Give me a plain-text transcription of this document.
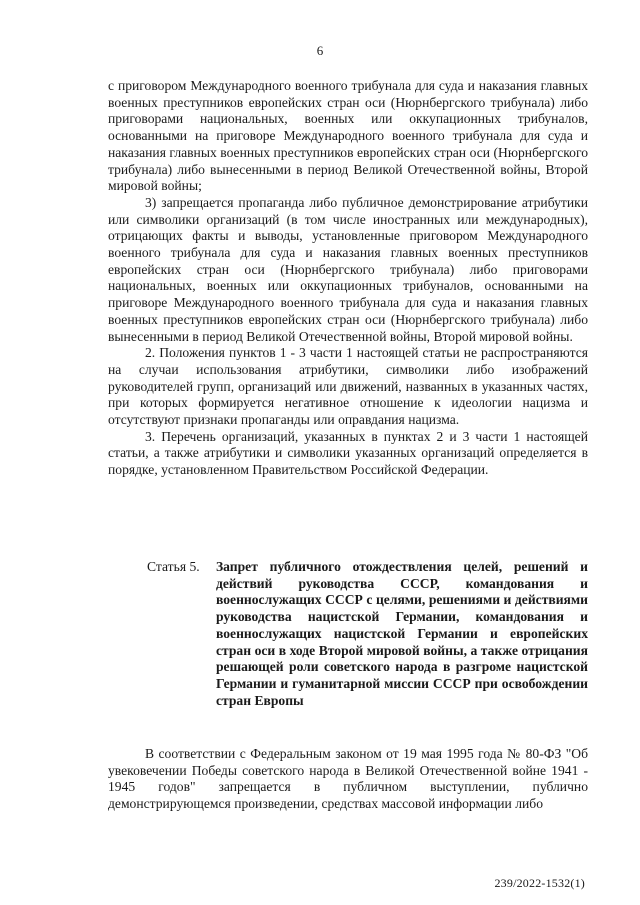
6

с приговором Международного военного трибунала для суда и наказания главных военных преступников европейских стран оси (Нюрнбергского трибунала) либо приговорами национальных, военных или оккупационных трибуналов, основанными на приговоре Международного военного трибунала для суда и наказания главных военных преступников европейских стран оси (Нюрнбергского трибунала) либо вынесенными в период Великой Отечественной войны, Второй мировой войны;

3) запрещается пропаганда либо публичное демонстрирование атрибутики или символики организаций (в том числе иностранных или международных), отрицающих факты и выводы, установленные приговором Международного военного трибунала для суда и наказания главных военных преступников европейских стран оси (Нюрнбергского трибунала) либо приговорами национальных, военных или оккупационных трибуналов, основанными на приговоре Международного военного трибунала для суда и наказания главных военных преступников европейских стран оси (Нюрнбергского трибунала) либо вынесенными в период Великой Отечественной войны, Второй мировой войны.

2. Положения пунктов 1 - 3 части 1 настоящей статьи не распространяются на случаи использования атрибутики, символики либо изображений руководителей групп, организаций или движений, названных в указанных частях, при которых формируется негативное отношение к идеологии нацизма и отсутствуют признаки пропаганды или оправдания нацизма.

3. Перечень организаций, указанных в пунктах 2 и 3 части 1 настоящей статьи, а также атрибутики и символики указанных организаций определяется в порядке, установленном Правительством Российской Федерации.

Статья 5.	Запрет публичного отождествления целей, решений и действий руководства СССР, командования и военнослужащих СССР с целями, решениями и действиями руководства нацистской Германии, командования и военнослужащих нацистской Германии и европейских стран оси в ходе Второй мировой войны, а также отрицания решающей роли советского народа в разгроме нацистской Германии и гуманитарной миссии СССР при освобождении стран Европы

В соответствии с Федеральным законом от 19 мая 1995 года № 80-ФЗ "Об увековечении Победы советского народа в Великой Отечественной войне 1941 - 1945 годов" запрещается в публичном выступлении, публично демонстрирующемся произведении, средствах массовой информации либо

239/2022-1532(1)
